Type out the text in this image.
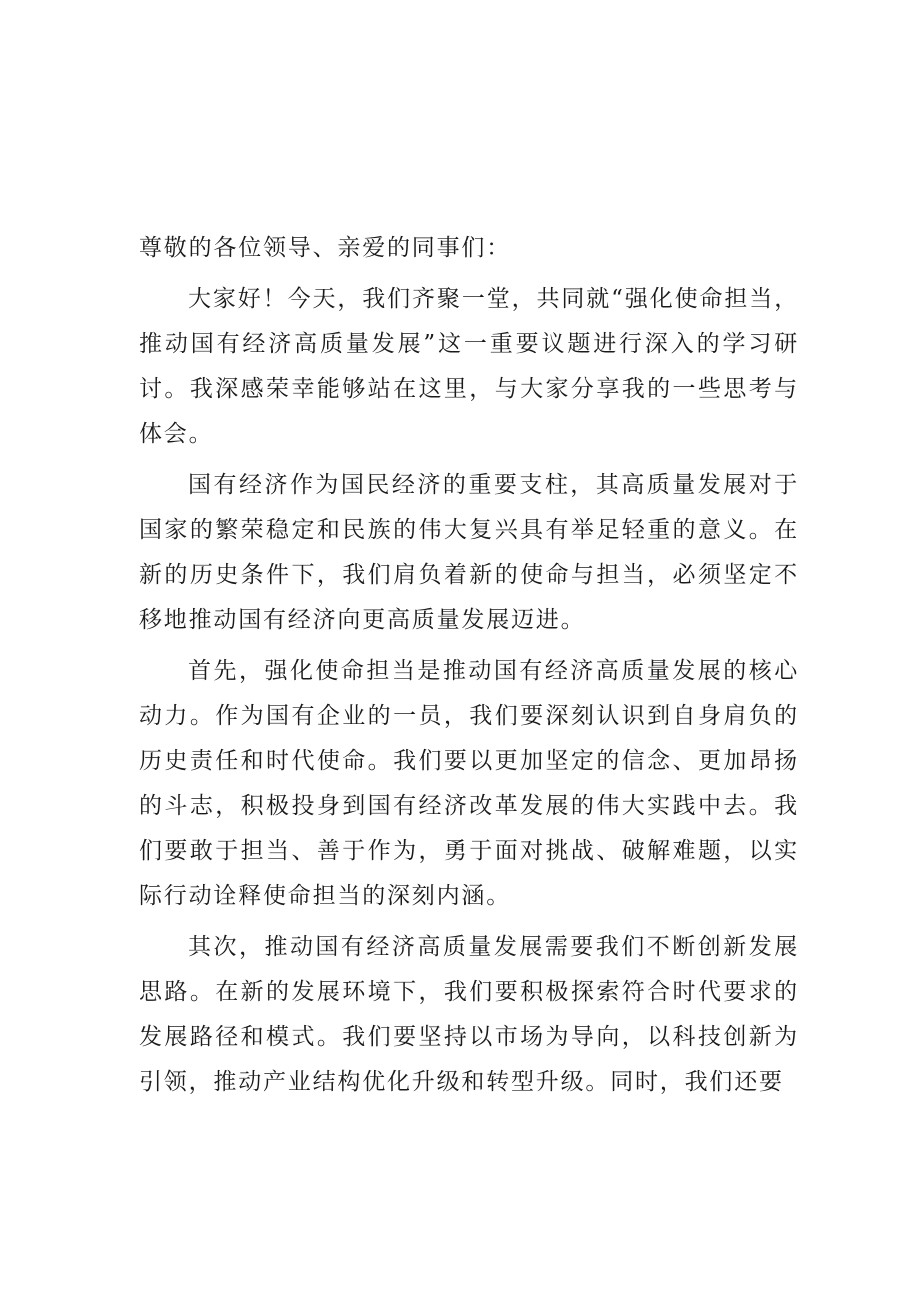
尊敬的各位领导、亲爱的同事们：

大家好！今天，我们齐聚一堂，共同就“强化使命担当，推动国有经济高质量发展”这一重要议题进行深入的学习研讨。我深感荣幸能够站在这里，与大家分享我的一些思考与体会。

国有经济作为国民经济的重要支柱，其高质量发展对于国家的繁荣稳定和民族的伟大复兴具有举足轻重的意义。在新的历史条件下，我们肩负着新的使命与担当，必须坚定不移地推动国有经济向更高质量发展迈进。

首先，强化使命担当是推动国有经济高质量发展的核心动力。作为国有企业的一员，我们要深刻认识到自身肩负的历史责任和时代使命。我们要以更加坚定的信念、更加昂扬的斗志，积极投身到国有经济改革发展的伟大实践中去。我们要敢于担当、善于作为，勇于面对挑战、破解难题，以实际行动诠释使命担当的深刻内涵。

其次，推动国有经济高质量发展需要我们不断创新发展思路。在新的发展环境下，我们要积极探索符合时代要求的发展路径和模式。我们要坚持以市场为导向，以科技创新为引领，推动产业结构优化升级和转型升级。同时，我们还要
